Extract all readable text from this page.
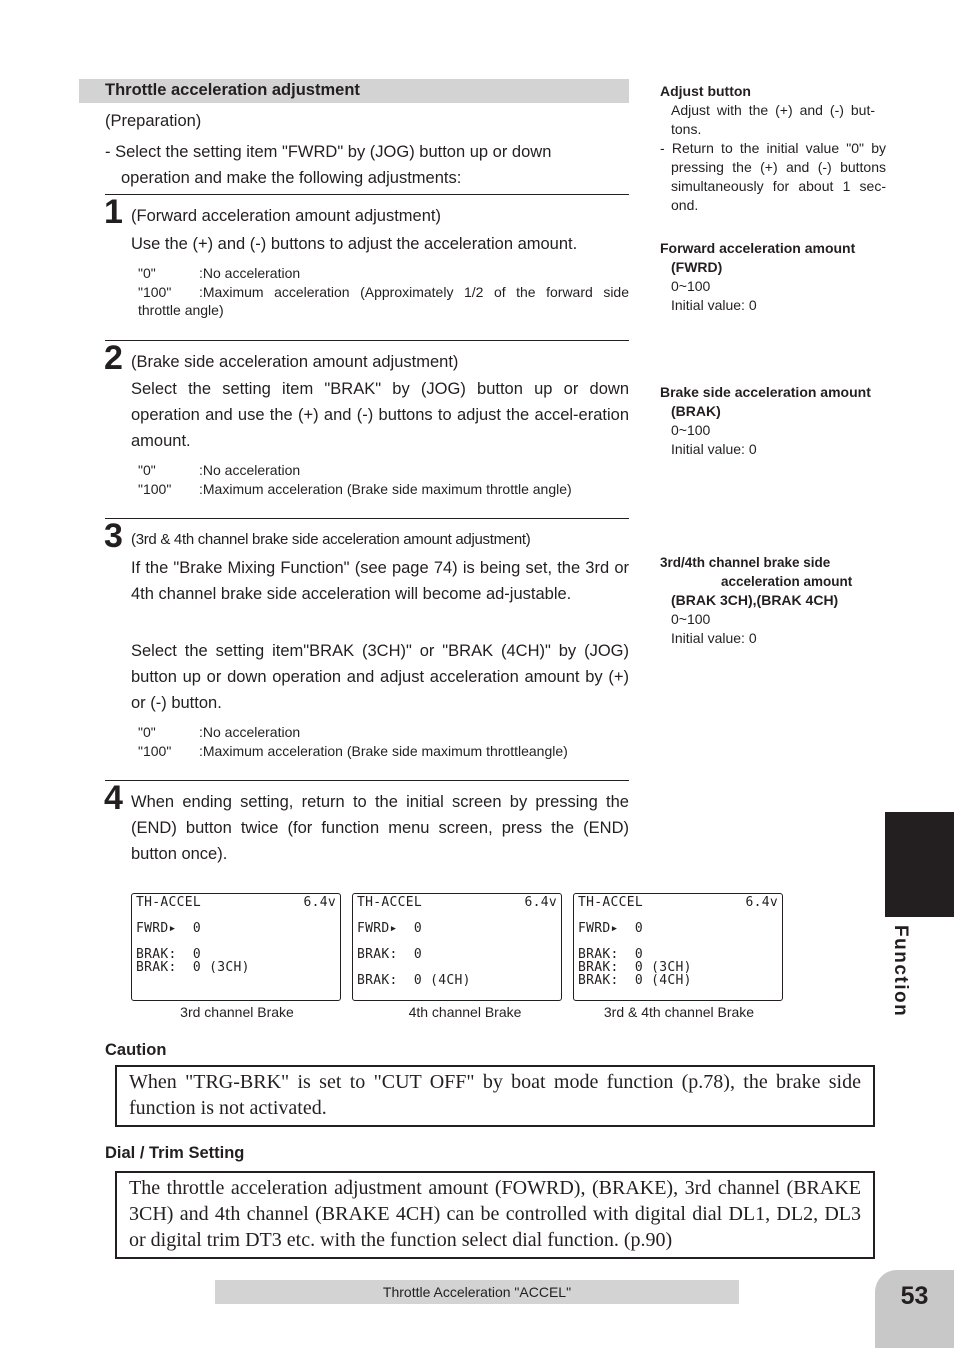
Throttle acceleration adjustment
(Preparation)
- Select the setting item "FWRD" by (JOG) button up or down
operation and make the following adjustments:
1 (Forward acceleration amount adjustment)
Use the (+) and (-) buttons to adjust the acceleration amount.
"0"	:No acceleration
"100"	:Maximum acceleration (Approximately 1/2 of the forward side
throttle angle)
2 (Brake side acceleration amount adjustment)
Select the setting item "BRAK" by (JOG) button up or down operation and use the (+) and (-) buttons to adjust the accel-eration amount.
"0"	:No acceleration
"100"	:Maximum acceleration (Brake side maximum throttle angle)
3 (3rd & 4th channel brake side acceleration amount adjustment)
If the "Brake Mixing Function" (see page 74) is being set, the 3rd or 4th channel brake side acceleration will become ad-justable.
Select the setting item"BRAK (3CH)" or "BRAK (4CH)" by (JOG) button up or down operation and adjust acceleration amount by (+) or (-) button.
"0"	:No acceleration
"100"	:Maximum acceleration (Brake side maximum throttleangle)
4 When ending setting, return to the initial screen by pressing the (END) button twice (for function menu screen, press the (END) button once).
Adjust button
Adjust with the (+) and (-) but-tons.
- Return to the initial value "0" by pressing the (+) and (-) buttons simultaneously for about 1 sec-ond.
Forward acceleration amount
(FWRD)
0~100
Initial value: 0
Brake side acceleration amount
(BRAK)
0~100
Initial value: 0
3rd/4th channel brake side
acceleration amount
(BRAK 3CH),(BRAK 4CH)
0~100
Initial value: 0
TH-ACCEL	6.4v
FWRD▸  0
BRAK:  0
BRAK:  0 (3CH)
3rd channel Brake
TH-ACCEL	6.4v
FWRD▸  0
BRAK:  0
BRAK:  0 (4CH)
4th channel Brake
TH-ACCEL	6.4v
FWRD▸  0
BRAK:  0
BRAK:  0 (3CH)
BRAK:  0 (4CH)
3rd & 4th channel Brake
Caution
When "TRG-BRK" is set to "CUT OFF" by boat mode function (p.78), the brake side function is not activated.
Dial / Trim Setting
The throttle acceleration adjustment amount (FOWRD), (BRAKE), 3rd channel (BRAKE 3CH) and 4th channel (BRAKE 4CH) can be controlled with digital dial DL1, DL2, DL3 or digital trim DT3 etc. with the function select dial function. (p.90)
Function
Throttle Acceleration "ACCEL"	53
